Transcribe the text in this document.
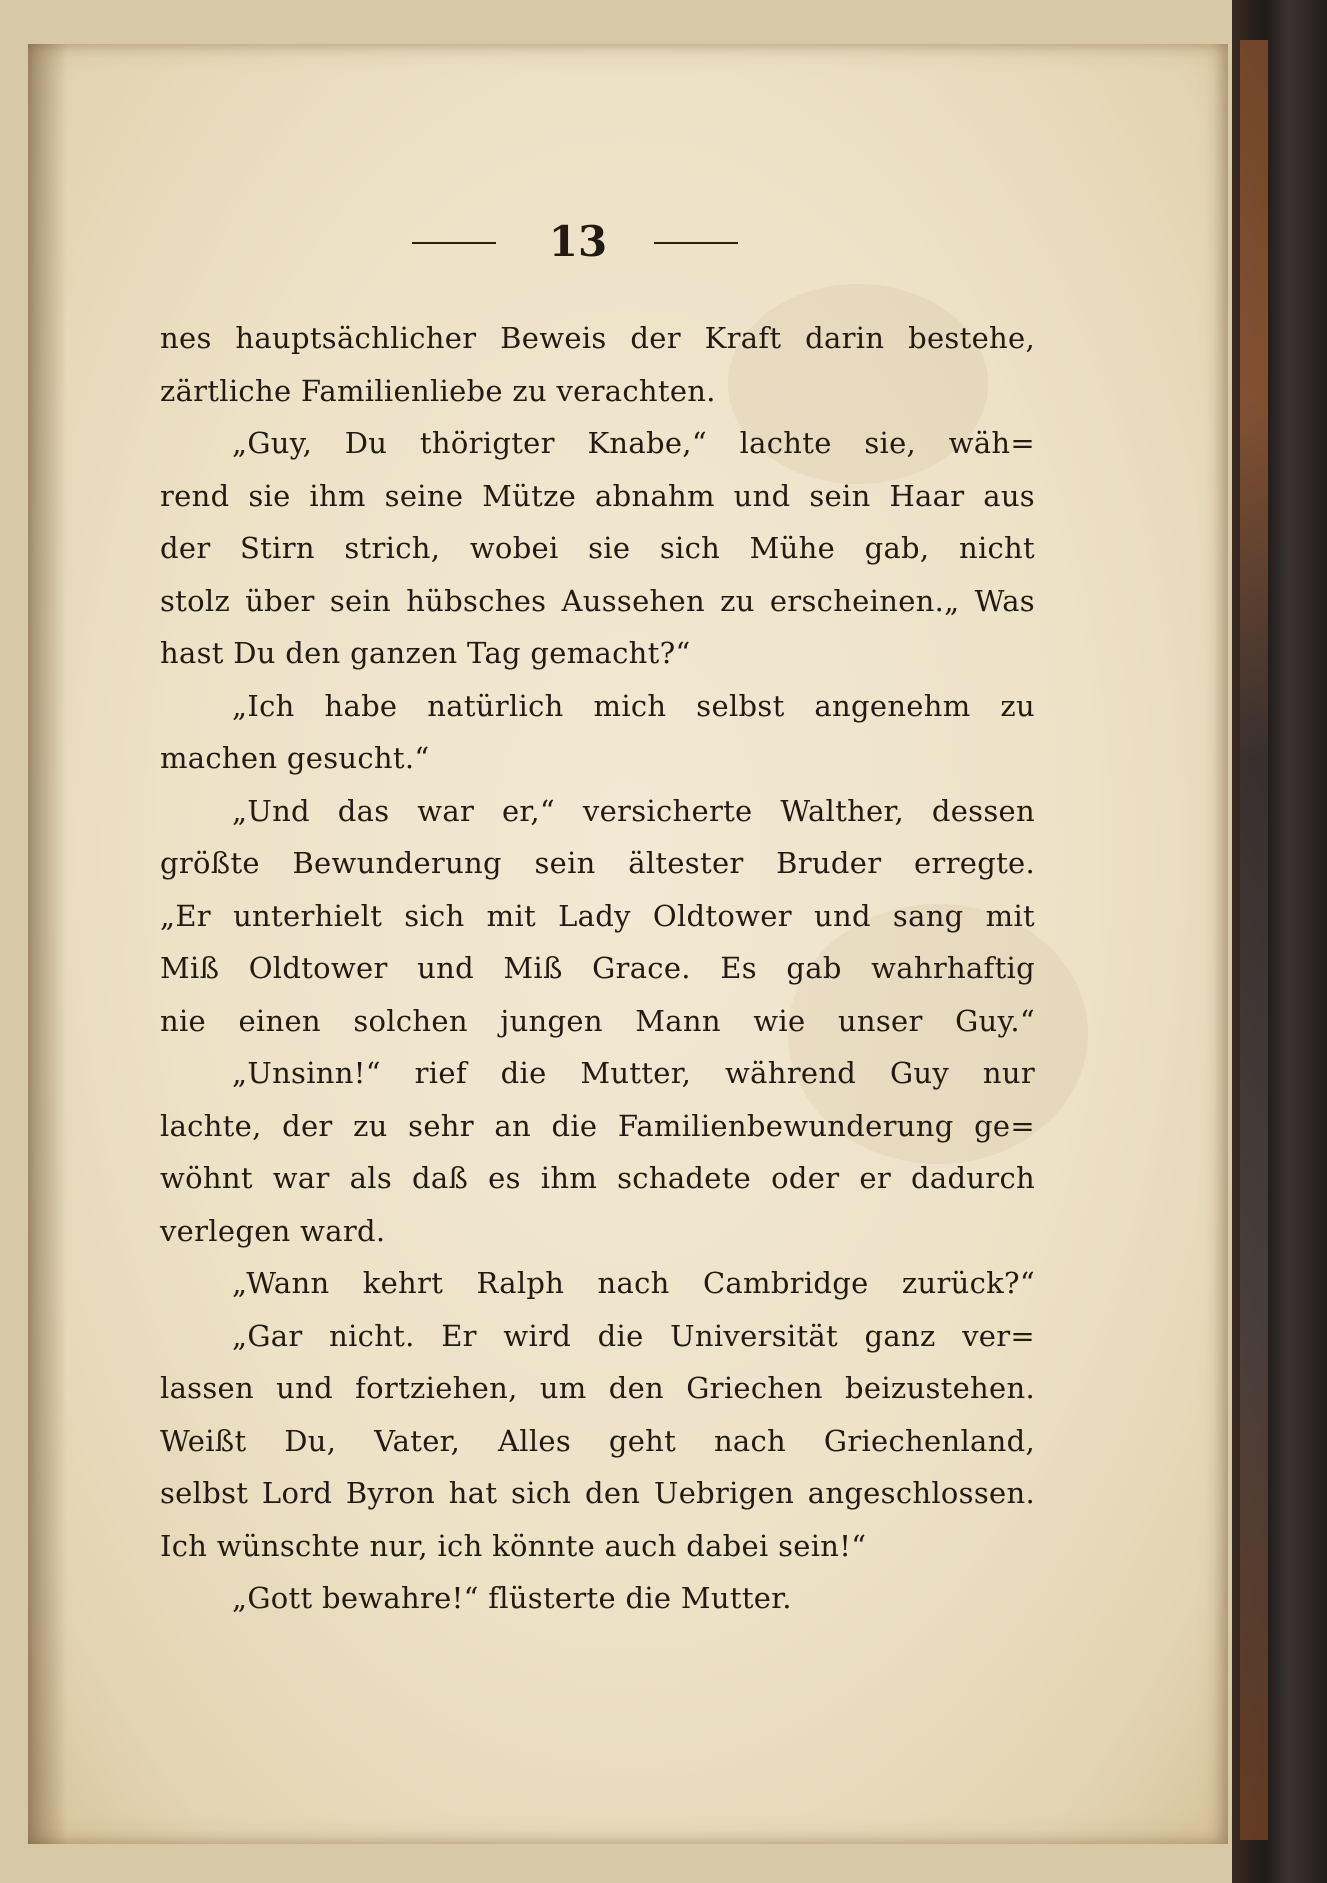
13
nes hauptsächlicher Beweis der Kraft darin bestehe,
zärtliche Familienliebe zu verachten.
„Guy, Du thörigter Knabe,“ lachte sie, wäh=
rend sie ihm seine Mütze abnahm und sein Haar aus
der Stirn strich, wobei sie sich Mühe gab, nicht
stolz über sein hübsches Aussehen zu erscheinen.„ Was
hast Du den ganzen Tag gemacht?“
„Ich habe natürlich mich selbst angenehm zu
machen gesucht.“
„Und das war er,“ versicherte Walther, dessen
größte Bewunderung sein ältester Bruder erregte.
„Er unterhielt sich mit Lady Oldtower und sang mit
Miß Oldtower und Miß Grace. Es gab wahrhaftig
nie einen solchen jungen Mann wie unser Guy.“
„Unsinn!“ rief die Mutter, während Guy nur
lachte, der zu sehr an die Familienbewunderung ge=
wöhnt war als daß es ihm schadete oder er dadurch
verlegen ward.
„Wann kehrt Ralph nach Cambridge zurück?“
„Gar nicht. Er wird die Universität ganz ver=
lassen und fortziehen, um den Griechen beizustehen.
Weißt Du, Vater, Alles geht nach Griechenland,
selbst Lord Byron hat sich den Uebrigen angeschlossen.
Ich wünschte nur, ich könnte auch dabei sein!“
„Gott bewahre!“ flüsterte die Mutter.
